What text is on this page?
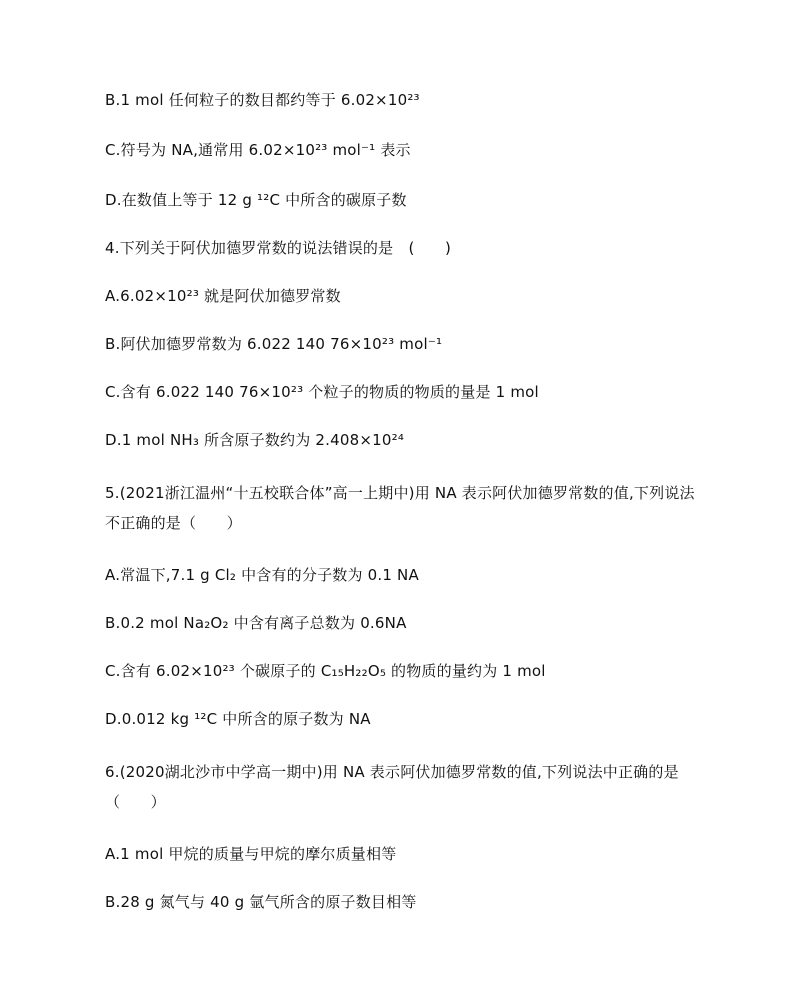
B.1 mol 任何粒子的数目都约等于 6.02×10²³
C.符号为 NA,通常用 6.02×10²³ mol⁻¹ 表示
D.在数值上等于 12 g ¹²C 中所含的碳原子数
4.下列关于阿伏加德罗常数的说法错误的是　(　　)
A.6.02×10²³ 就是阿伏加德罗常数
B.阿伏加德罗常数为 6.022 140 76×10²³ mol⁻¹
C.含有 6.022 140 76×10²³ 个粒子的物质的物质的量是 1 mol
D.1 mol NH₃ 所含原子数约为 2.408×10²⁴
5.(2021浙江温州“十五校联合体”高一上期中)用 NA 表示阿伏加德罗常数的值,下列说法不正确的是（　　）
A.常温下,7.1 g Cl₂ 中含有的分子数为 0.1 NA
B.0.2 mol Na₂O₂ 中含有离子总数为 0.6NA
C.含有 6.02×10²³ 个碳原子的 C₁₅H₂₂O₅ 的物质的量约为 1 mol
D.0.012 kg ¹²C 中所含的原子数为 NA
6.(2020湖北沙市中学高一期中)用 NA 表示阿伏加德罗常数的值,下列说法中正确的是（　　）
A.1 mol 甲烷的质量与甲烷的摩尔质量相等
B.28 g 氮气与 40 g 氩气所含的原子数目相等
